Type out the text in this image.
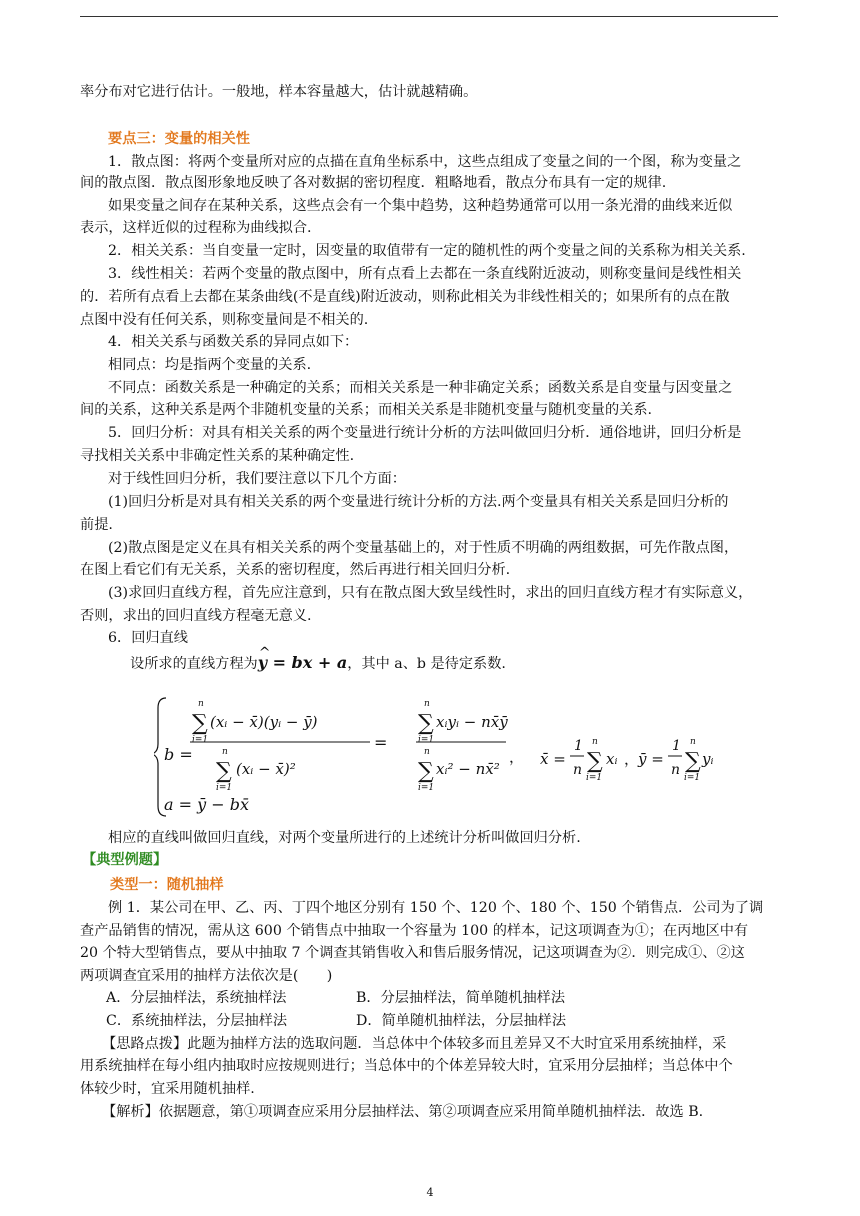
率分布对它进行估计。一般地，样本容量越大，估计就越精确。
要点三：变量的相关性
1．散点图：将两个变量所对应的点描在直角坐标系中，这些点组成了变量之间的一个图，称为变量之
间的散点图．散点图形象地反映了各对数据的密切程度．粗略地看，散点分布具有一定的规律.
如果变量之间存在某种关系，这些点会有一个集中趋势，这种趋势通常可以用一条光滑的曲线来近似
表示，这样近似的过程称为曲线拟合.
2．相关关系：当自变量一定时，因变量的取值带有一定的随机性的两个变量之间的关系称为相关关系.
3．线性相关：若两个变量的散点图中，所有点看上去都在一条直线附近波动，则称变量间是线性相关
的．若所有点看上去都在某条曲线(不是直线)附近波动，则称此相关为非线性相关的；如果所有的点在散
点图中没有任何关系，则称变量间是不相关的.
4．相关关系与函数关系的异同点如下：
相同点：均是指两个变量的关系.
不同点：函数关系是一种确定的关系；而相关关系是一种非确定关系；函数关系是自变量与因变量之
间的关系，这种关系是两个非随机变量的关系；而相关关系是非随机变量与随机变量的关系.
5．回归分析：对具有相关关系的两个变量进行统计分析的方法叫做回归分析．通俗地讲，回归分析是
寻找相关关系中非确定性关系的某种确定性.
对于线性回归分析，我们要注意以下几个方面：
(1)回归分析是对具有相关关系的两个变量进行统计分析的方法.两个变量具有相关关系是回归分析的
前提.
(2)散点图是定义在具有相关关系的两个变量基础上的，对于性质不明确的两组数据，可先作散点图，
在图上看它们有无关系，关系的密切程度，然后再进行相关回归分析.
(3)求回归直线方程，首先应注意到，只有在散点图大致呈线性时，求出的回归直线方程才有实际意义，
否则，求出的回归直线方程毫无意义.
6．回归直线
设所求的直线方程为^ y = bx + a，其中 a、b 是待定系数.
b =
n
∑
i=1
(xᵢ − x̄)(yᵢ − ȳ)
n
∑
i=1
(xᵢ − x̄)²
=
n
∑
i=1
xᵢyᵢ − nx̄ȳ
n
∑
i=1
xᵢ² − nx̄²
，
a = ȳ − bx̄
x̄ =
1
n
n
∑
i=1
xᵢ ，
ȳ =
1
n
n
∑
i=1
yᵢ
相应的直线叫做回归直线，对两个变量所进行的上述统计分析叫做回归分析.
【典型例题】
类型一：随机抽样
例 1．某公司在甲、乙、丙、丁四个地区分别有 150 个、120 个、180 个、150 个销售点．公司为了调
查产品销售的情况，需从这 600 个销售点中抽取一个容量为 100 的样本，记这项调查为①；在丙地区中有
20 个特大型销售点，要从中抽取 7 个调查其销售收入和售后服务情况，记这项调查为②．则完成①、②这
两项调查宜采用的抽样方法依次是(　　)
A．分层抽样法，系统抽样法	B．分层抽样法，简单随机抽样法
C．系统抽样法，分层抽样法	D．简单随机抽样法，分层抽样法
【思路点拨】此题为抽样方法的选取问题．当总体中个体较多而且差异又不大时宜采用系统抽样，采
用系统抽样在每小组内抽取时应按规则进行；当总体中的个体差异较大时，宜采用分层抽样；当总体中个
体较少时，宜采用随机抽样.
【解析】依据题意，第①项调查应采用分层抽样法、第②项调查应采用简单随机抽样法．故选 B.
4
